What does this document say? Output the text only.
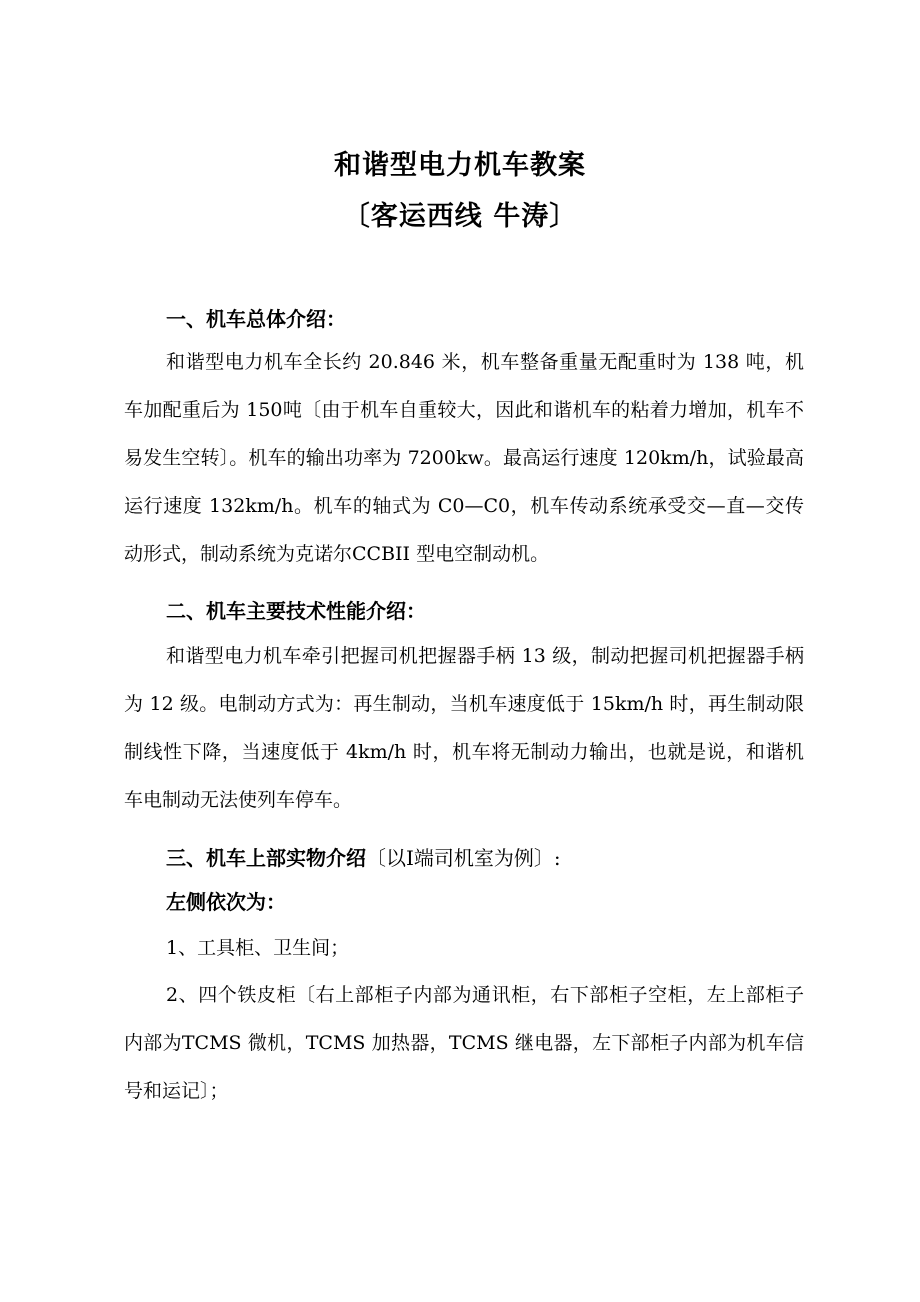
和谐型电力机车教案
〔客运西线 牛涛〕
一、机车总体介绍：
和谐型电力机车全长约 20.846 米，机车整备重量无配重时为 138 吨，机车加配重后为 150吨〔由于机车自重较大，因此和谐机车的粘着力增加，机车不易发生空转〕。机车的输出功率为 7200kw。最高运行速度 120km/h，试验最高运行速度 132km/h。机车的轴式为 C0—C0，机车传动系统承受交—直—交传动形式，制动系统为克诺尔CCBII 型电空制动机。
二、机车主要技术性能介绍：
和谐型电力机车牵引把握司机把握器手柄 13 级，制动把握司机把握器手柄为 12 级。电制动方式为：再生制动，当机车速度低于 15km/h 时，再生制动限制线性下降，当速度低于 4km/h 时，机车将无制动力输出，也就是说，和谐机车电制动无法使列车停车。
三、机车上部实物介绍〔以Ⅰ端司机室为例〕:
左侧依次为：
1、工具柜、卫生间；
2、四个铁皮柜〔右上部柜子内部为通讯柜，右下部柜子空柜，左上部柜子内部为TCMS 微机，TCMS 加热器，TCMS 继电器，左下部柜子内部为机车信号和运记〕；
